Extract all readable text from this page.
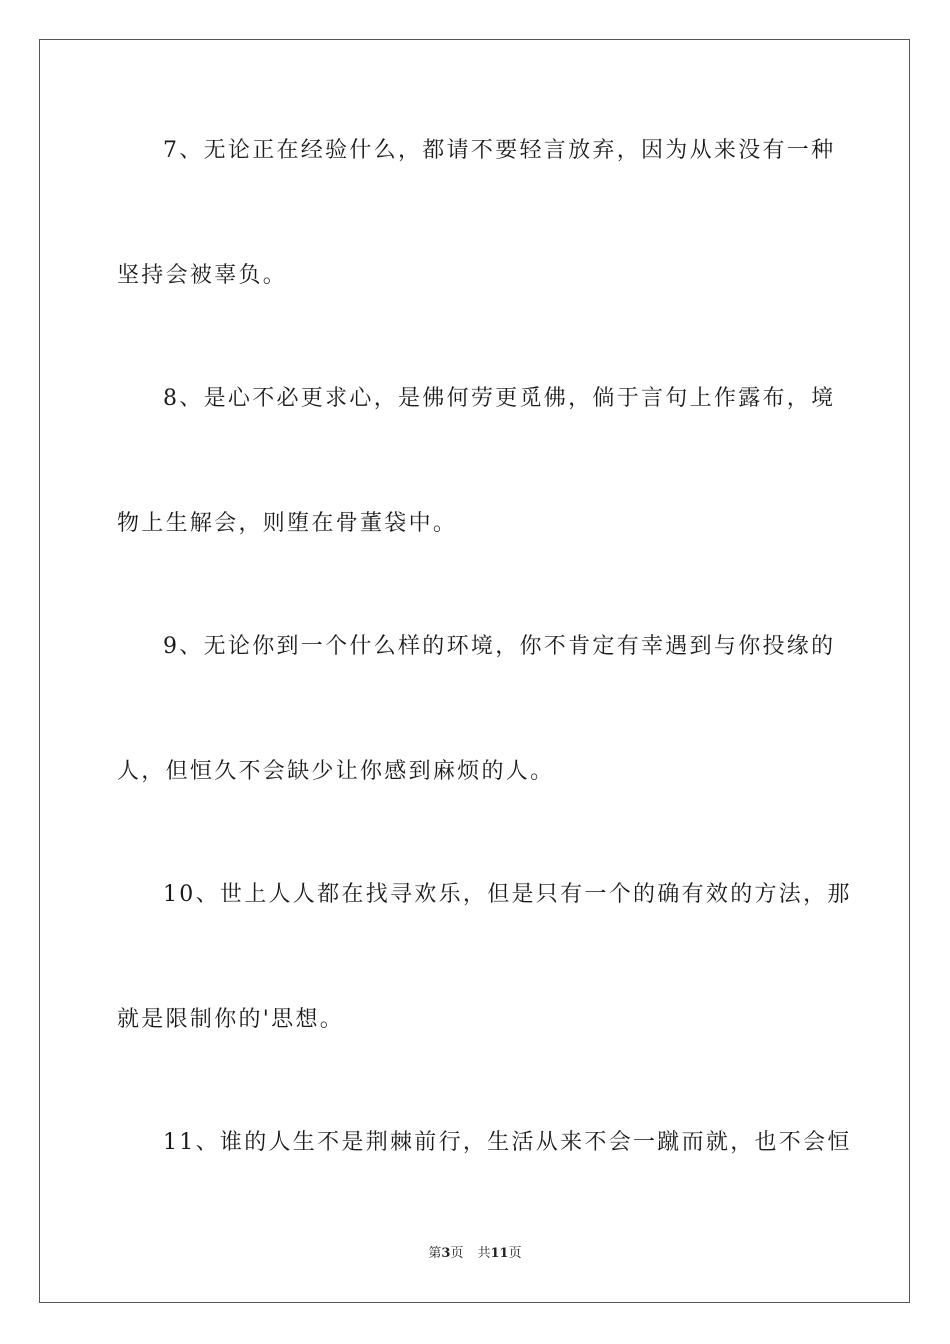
7、无论正在经验什么，都请不要轻言放弃，因为从来没有一种
坚持会被辜负。
8、是心不必更求心，是佛何劳更觅佛，倘于言句上作露布，境
物上生解会，则堕在骨董袋中。
9、无论你到一个什么样的环境，你不肯定有幸遇到与你投缘的
人，但恒久不会缺少让你感到麻烦的人。
10、世上人人都在找寻欢乐，但是只有一个的确有效的方法，那
就是限制你的'思想。
11、谁的人生不是荆棘前行，生活从来不会一蹴而就，也不会恒
第3页 共11页
